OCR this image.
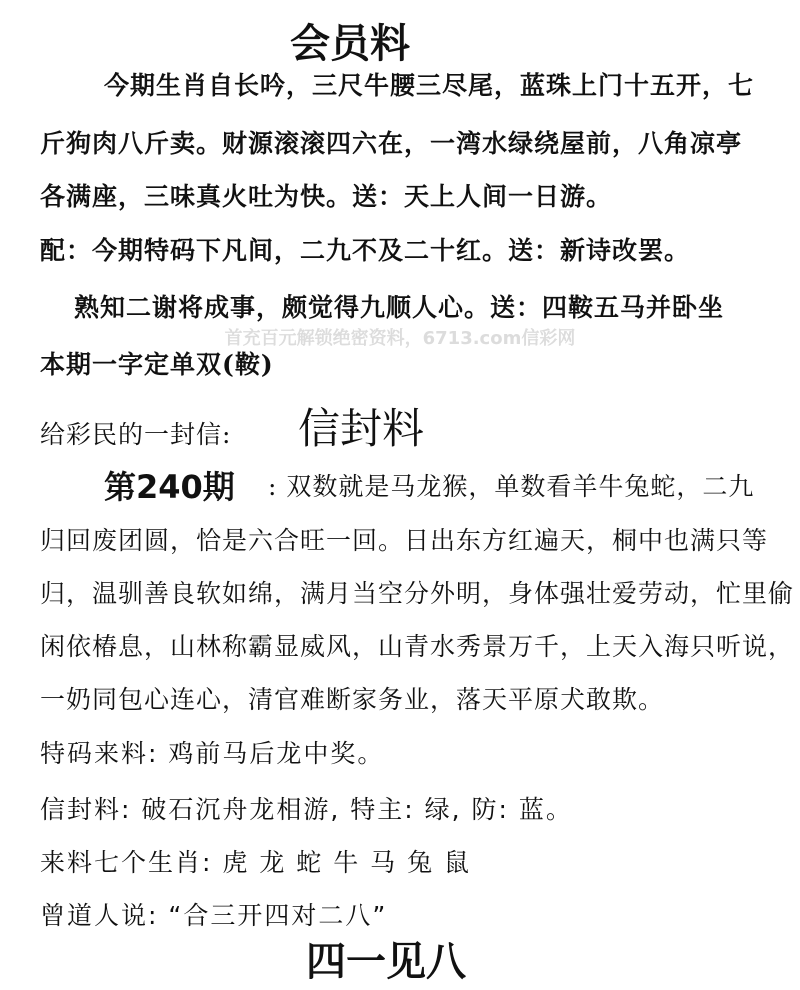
会员料
今期生肖自长吟，三尺牛腰三尽尾，蓝珠上门十五开，七
斤狗肉八斤卖。财源滚滚四六在，一湾水绿绕屋前，八角凉亭
各满座，三味真火吐为快。送：天上人间一日游。
配：今期特码下凡间，二九不及二十红。送：新诗改罢。
熟知二谢将成事，颇觉得九顺人心。送：四鞍五马并卧坐
首充百元解锁绝密资料，6713.com信彩网
本期一字定单双(鞍)
给彩民的一封信: 信封料
第240期 : 双数就是马龙猴，单数看羊牛兔蛇，二九
归回废团圆，恰是六合旺一回。日出东方红遍天，桐中也满只等
归，温驯善良软如绵，满月当空分外明，身体强壮爱劳动，忙里偷
闲依椿息，山林称霸显威风，山青水秀景万千，上天入海只听说，
一奶同包心连心，清官难断家务业，落天平原犬敢欺。
特码来料: 鸡前马后龙中奖。
信封料: 破石沉舟龙相游, 特主: 绿, 防: 蓝。
来料七个生肖: 虎 龙 蛇 牛 马 兔 鼠
曾道人说: “合三开四对二八”
四一见八
